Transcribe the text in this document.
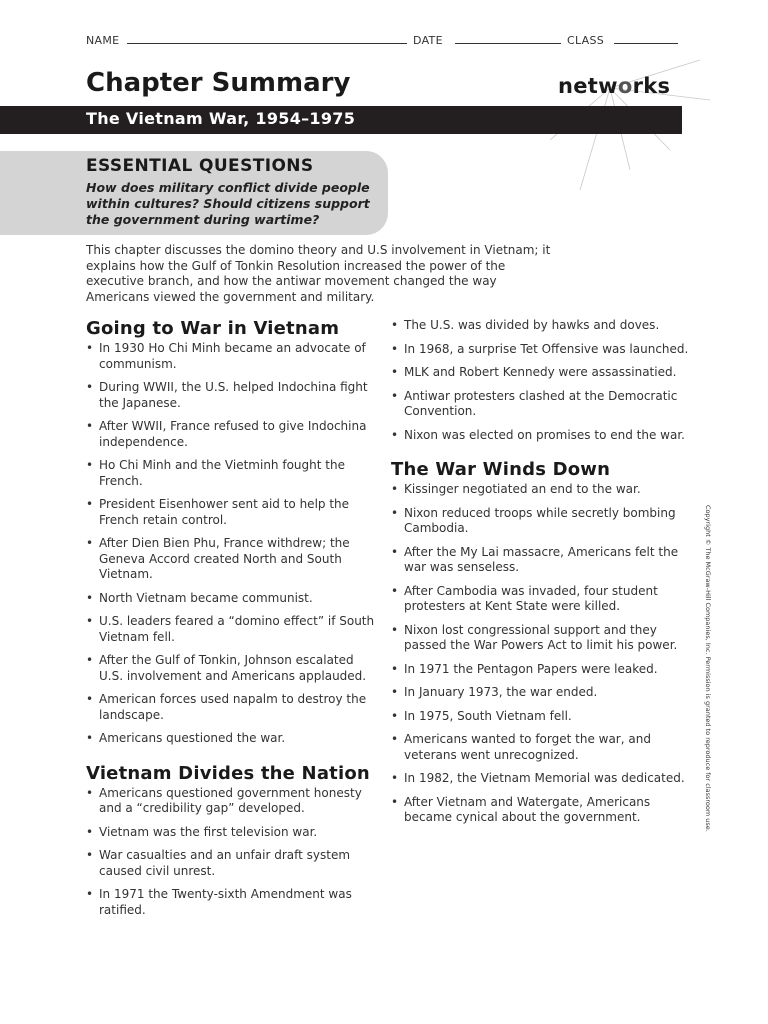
NAME	DATE	CLASS
Chapter Summary	networks
The Vietnam War, 1954–1975
ESSENTIAL QUESTIONS
How does military conflict divide people within cultures? Should citizens support the government during wartime?
This chapter discusses the domino theory and U.S involvement in Vietnam; it explains how the Gulf of Tonkin Resolution increased the power of the executive branch, and how the antiwar movement changed the way Americans viewed the government and military.
Going to War in Vietnam
• In 1930 Ho Chi Minh became an advocate of communism.
• During WWII, the U.S. helped Indochina fight the Japanese.
• After WWII, France refused to give Indochina independence.
• Ho Chi Minh and the Vietminh fought the French.
• President Eisenhower sent aid to help the French retain control.
• After Dien Bien Phu, France withdrew; the Geneva Accord created North and South Vietnam.
• North Vietnam became communist.
• U.S. leaders feared a “domino effect” if South Vietnam fell.
• After the Gulf of Tonkin, Johnson escalated U.S. involvement and Americans applauded.
• American forces used napalm to destroy the landscape.
• Americans questioned the war.
Vietnam Divides the Nation
• Americans questioned government honesty and a “credibility gap” developed.
• Vietnam was the first television war.
• War casualties and an unfair draft system caused civil unrest.
• In 1971 the Twenty-sixth Amendment was ratified.
• The U.S. was divided by hawks and doves.
• In 1968, a surprise Tet Offensive was launched.
• MLK and Robert Kennedy were assassinatied.
• Antiwar protesters clashed at the Democratic Convention.
• Nixon was elected on promises to end the war.
The War Winds Down
• Kissinger negotiated an end to the war.
• Nixon reduced troops while secretly bombing Cambodia.
• After the My Lai massacre, Americans felt the war was senseless.
• After Cambodia was invaded, four student protesters at Kent State were killed.
• Nixon lost congressional support and they passed the War Powers Act to limit his power.
• In 1971 the Pentagon Papers were leaked.
• In January 1973, the war ended.
• In 1975, South Vietnam fell.
• Americans wanted to forget the war, and veterans went unrecognized.
• In 1982, the Vietnam Memorial was dedicated.
• After Vietnam and Watergate, Americans became cynical about the government.	Copyright © The McGraw-Hill Companies, Inc. Permission is granted to reproduce for classroom use.
